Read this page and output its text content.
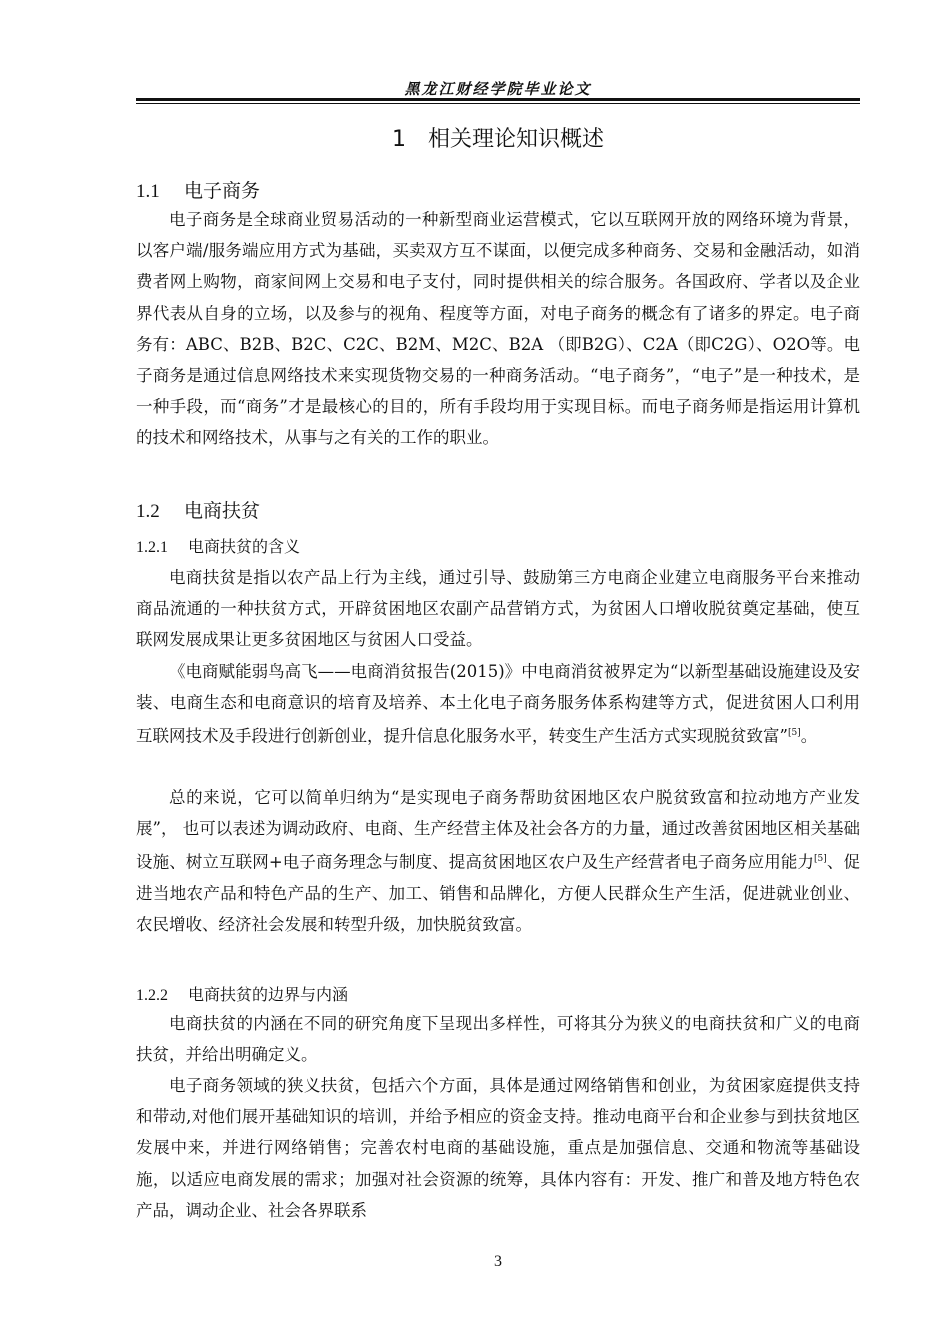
黑龙江财经学院毕业论文
1 相关理论知识概述
1.1 电子商务

电子商务是全球商业贸易活动的一种新型商业运营模式，它以互联网开放的网络环境为背景，以客户端/服务端应用方式为基础，买卖双方互不谋面，以便完成多种商务、交易和金融活动，如消费者网上购物，商家间网上交易和电子支付，同时提供相关的综合服务。各国政府、学者以及企业界代表从自身的立场，以及参与的视角、程度等方面，对电子商务的概念有了诸多的界定。电子商务有：ABC、B2B、B2C、C2C、B2M、M2C、B2A （即B2G）、C2A（即C2G）、O2O等。电子商务是通过信息网络技术来实现货物交易的一种商务活动。“电子商务”，“电子”是一种技术，是一种手段，而“商务”才是最核心的目的，所有手段均用于实现目标。而电子商务师是指运用计算机的技术和网络技术，从事与之有关的工作的职业。

1.2 电商扶贫
1.2.1 电商扶贫的含义

电商扶贫是指以农产品上行为主线，通过引导、鼓励第三方电商企业建立电商服务平台来推动商品流通的一种扶贫方式，开辟贫困地区农副产品营销方式，为贫困人口增收脱贫奠定基础，使互联网发展成果让更多贫困地区与贫困人口受益。

《电商赋能弱鸟高飞——电商消贫报告(2015)》中电商消贫被界定为“以新型基础设施建设及安装、电商生态和电商意识的培育及培养、本土化电子商务服务体系构建等方式，促进贫困人口利用互联网技术及手段进行创新创业，提升信息化服务水平，转变生产生活方式实现脱贫致富”[5]。

总的来说，它可以简单归纳为“是实现电子商务帮助贫困地区农户脱贫致富和拉动地方产业发展”， 也可以表述为调动政府、电商、生产经营主体及社会各方的力量，通过改善贫困地区相关基础设施、树立互联网+电子商务理念与制度、提高贫困地区农户及生产经营者电子商务应用能力[5]、促进当地农产品和特色产品的生产、加工、销售和品牌化，方便人民群众生产生活，促进就业创业、农民增收、经济社会发展和转型升级，加快脱贫致富。

1.2.2 电商扶贫的边界与内涵

电商扶贫的内涵在不同的研究角度下呈现出多样性，可将其分为狭义的电商扶贫和广义的电商扶贫，并给出明确定义。

电子商务领域的狭义扶贫，包括六个方面，具体是通过网络销售和创业，为贫困家庭提供支持和带动,对他们展开基础知识的培训，并给予相应的资金支持。推动电商平台和企业参与到扶贫地区发展中来，并进行网络销售；完善农村电商的基础设施，重点是加强信息、交通和物流等基础设施，以适应电商发展的需求；加强对社会资源的统筹，具体内容有：开发、推广和普及地方特色农产品，调动企业、社会各界联系

3
